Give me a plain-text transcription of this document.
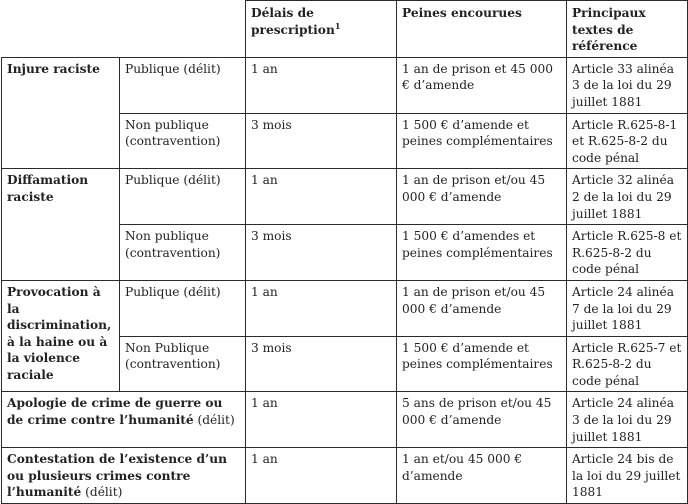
		Délais de prescription$^1$	Peines encourues	Principaux textes de référence
Injure raciste	Publique (délit)	1 an	1 an de prison et 45 000 € d’amende	Article 33 alinéa 3 de la loi du 29 juillet 1881
	Non publique (contravention)	3 mois	1 500 € d’amende et peines complémentaires	Article R.625-8-1 et R.625-8-2 du code pénal
Diffamation raciste	Publique (délit)	1 an	1 an de prison et/ou 45 000 € d’amende	Article 32 alinéa 2 de la loi du 29 juillet 1881
	Non publique (contravention)	3 mois	1 500 € d’amendes et peines complémentaires	Article R.625-8 et R.625-8-2 du code pénal
Provocation à la discrimination, à la haine ou à la violence raciale	Publique (délit)	1 an	1 an de prison et/ou 45 000 € d’amende	Article 24 alinéa 7 de la loi du 29 juillet 1881
	Non Publique (contravention)	3 mois	1 500 € d’amende et peines complémentaires	Article R.625-7 et R.625-8-2 du code pénal
Apologie de crime de guerre ou de crime contre l’humanité (délit)		1 an	5 ans de prison et/ou 45 000 € d’amende	Article 24 alinéa 3 de la loi du 29 juillet 1881
Contestation de l’existence d’un ou plusieurs crimes contre l’humanité (délit)		1 an	1 an et/ou 45 000 € d’amende	Article 24 bis de la loi du 29 juillet 1881
